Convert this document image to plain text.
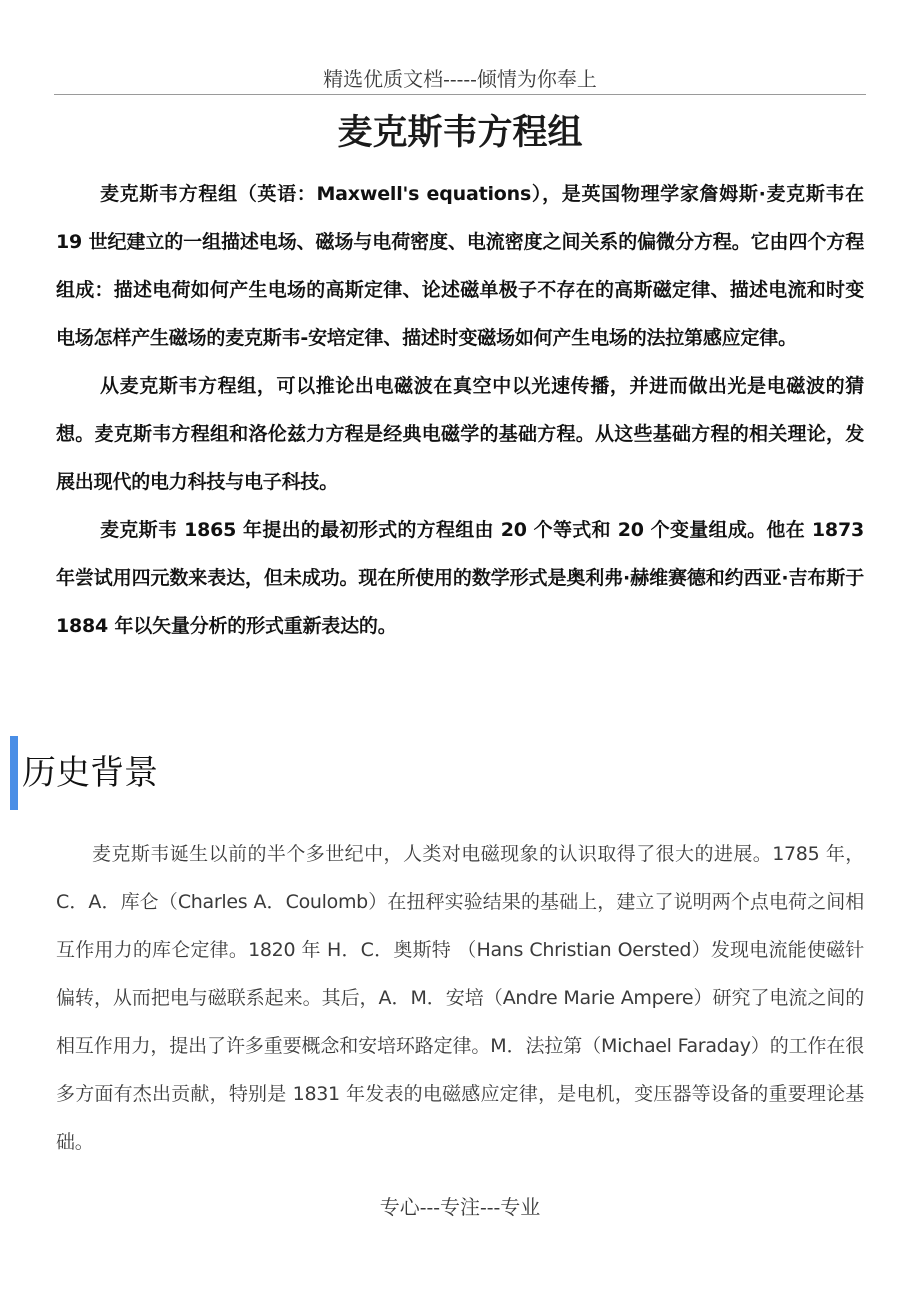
精选优质文档-----倾情为你奉上
麦克斯韦方程组

麦克斯韦方程组（英语：Maxwell's equations），是英国物理学家詹姆斯·麦克斯韦在 19 世纪建立的一组描述电场、磁场与电荷密度、电流密度之间关系的偏微分方程。它由四个方程组成：描述电荷如何产生电场的高斯定律、论述磁单极子不存在的高斯磁定律、描述电流和时变电场怎样产生磁场的麦克斯韦-安培定律、描述时变磁场如何产生电场的法拉第感应定律。

从麦克斯韦方程组，可以推论出电磁波在真空中以光速传播，并进而做出光是电磁波的猜想。麦克斯韦方程组和洛伦兹力方程是经典电磁学的基础方程。从这些基础方程的相关理论，发展出现代的电力科技与电子科技。

麦克斯韦 1865 年提出的最初形式的方程组由 20 个等式和 20 个变量组成。他在 1873 年尝试用四元数来表达，但未成功。现在所使用的数学形式是奥利弗·赫维赛德和约西亚·吉布斯于 1884 年以矢量分析的形式重新表达的。

历史背景

麦克斯韦诞生以前的半个多世纪中，人类对电磁现象的认识取得了很大的进展。1785 年，C．A．库仑（Charles A．Coulomb）在扭秤实验结果的基础上，建立了说明两个点电荷之间相互作用力的库仑定律。1820 年 H．C．奥斯特 （Hans Christian Oersted）发现电流能使磁针偏转，从而把电与磁联系起来。其后，A．M．安培（Andre Marie Ampere）研究了电流之间的相互作用力，提出了许多重要概念和安培环路定律。M．法拉第（Michael Faraday）的工作在很多方面有杰出贡献，特别是 1831 年发表的电磁感应定律，是电机，变压器等设备的重要理论基础。

专心---专注---专业
